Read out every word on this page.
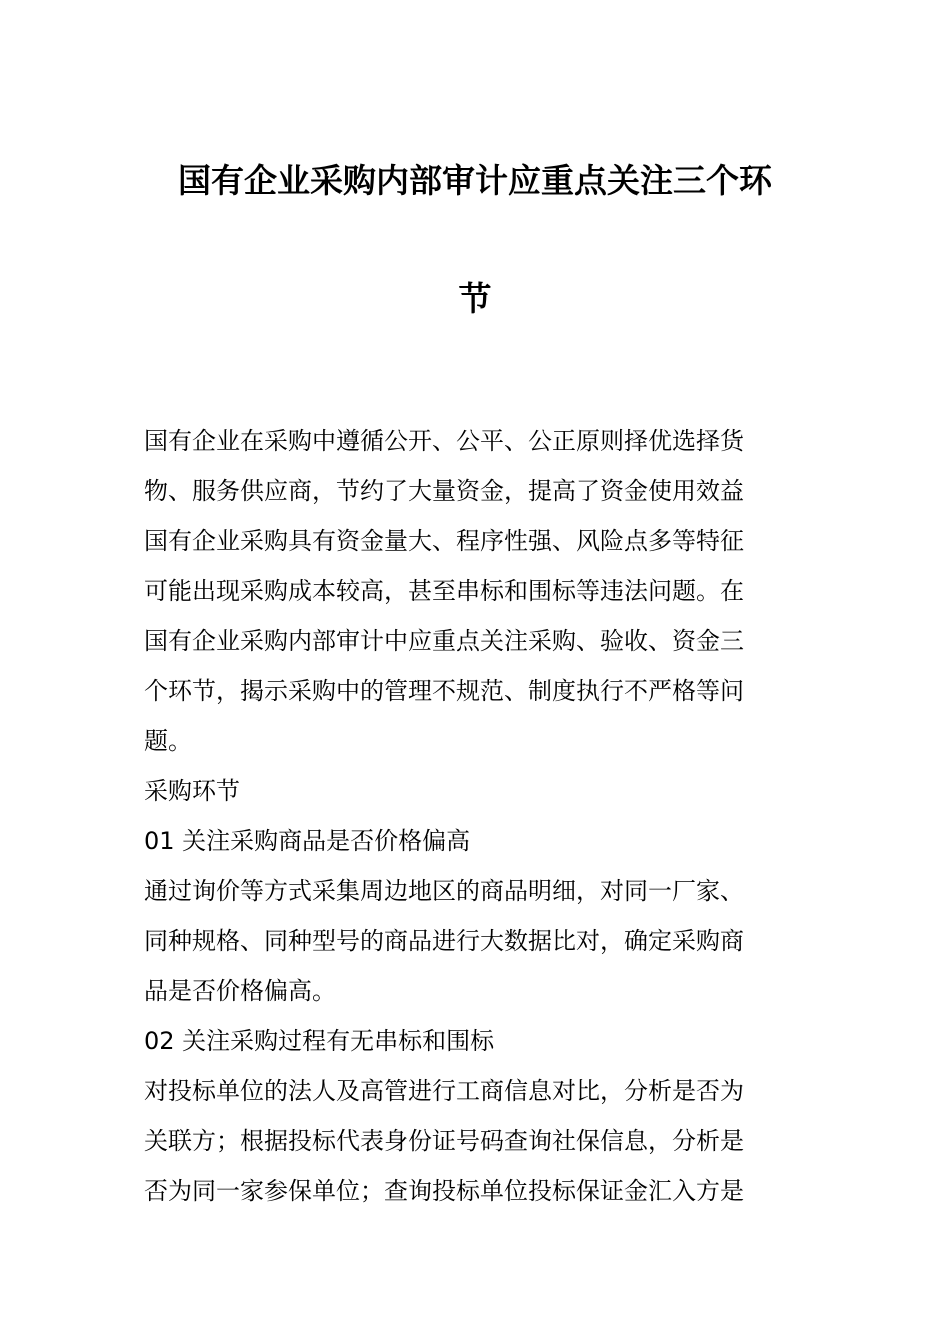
国有企业采购内部审计应重点关注三个环
节
国有企业在采购中遵循公开、公平、公正原则择优选择货
物、服务供应商，节约了大量资金，提高了资金使用效益
国有企业采购具有资金量大、程序性强、风险点多等特征
可能出现采购成本较高，甚至串标和围标等违法问题。在
国有企业采购内部审计中应重点关注采购、验收、资金三
个环节，揭示采购中的管理不规范、制度执行不严格等问
题。
采购环节
01 关注采购商品是否价格偏高
通过询价等方式采集周边地区的商品明细，对同一厂家、
同种规格、同种型号的商品进行大数据比对，确定采购商
品是否价格偏高。
02 关注采购过程有无串标和围标
对投标单位的法人及高管进行工商信息对比，分析是否为
关联方；根据投标代表身份证号码查询社保信息，分析是
否为同一家参保单位；查询投标单位投标保证金汇入方是
